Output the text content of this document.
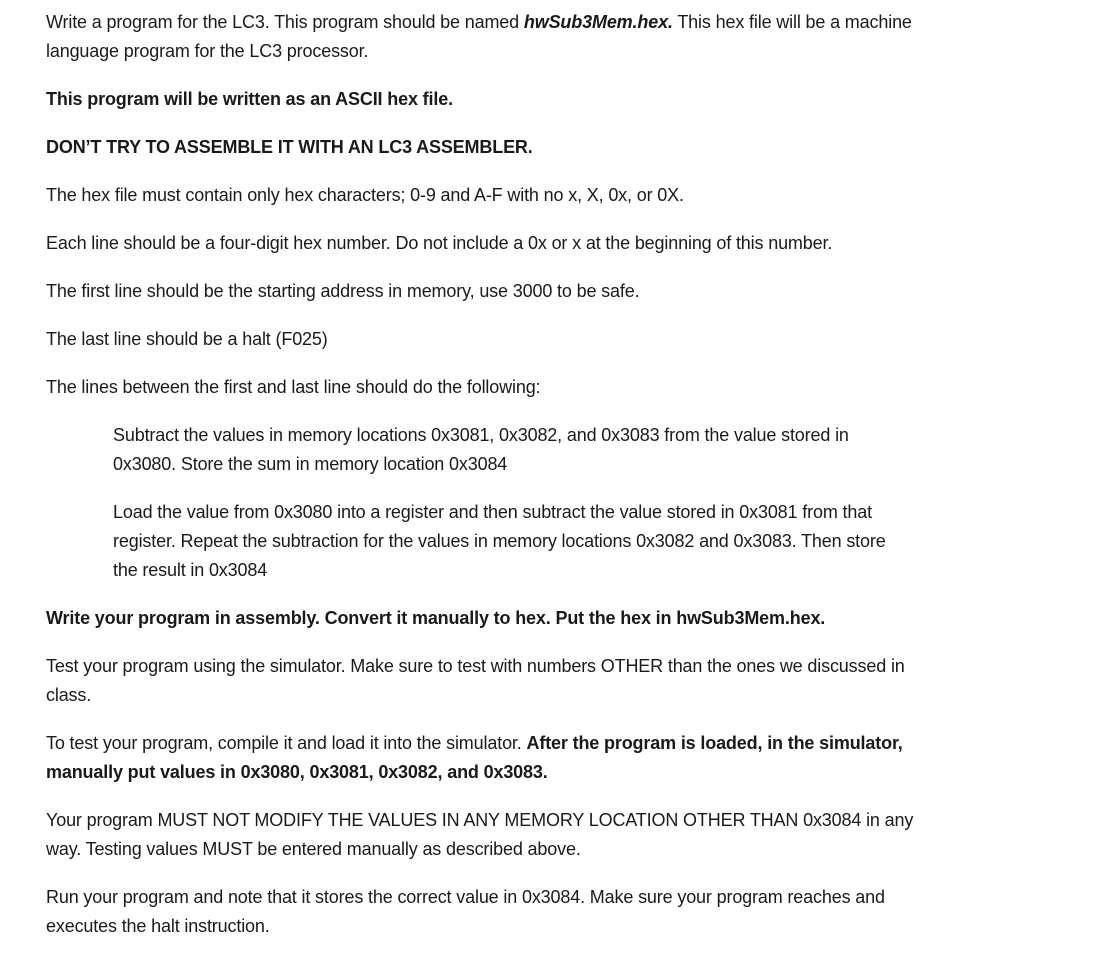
Write a program for the LC3. This program should be named hwSub3Mem.hex. This hex file will be a machine language program for the LC3 processor.

This program will be written as an ASCII hex file.

DON’T TRY TO ASSEMBLE IT WITH AN LC3 ASSEMBLER.

The hex file must contain only hex characters; 0-9 and A-F with no x, X, 0x, or 0X.

Each line should be a four-digit hex number. Do not include a 0x or x at the beginning of this number.

The first line should be the starting address in memory, use 3000 to be safe.

The last line should be a halt (F025)

The lines between the first and last line should do the following:

Subtract the values in memory locations 0x3081, 0x3082, and 0x3083 from the value stored in 0x3080. Store the sum in memory location 0x3084

Load the value from 0x3080 into a register and then subtract the value stored in 0x3081 from that register. Repeat the subtraction for the values in memory locations 0x3082 and 0x3083. Then store the result in 0x3084

Write your program in assembly. Convert it manually to hex. Put the hex in hwSub3Mem.hex.

Test your program using the simulator. Make sure to test with numbers OTHER than the ones we discussed in class.

To test your program, compile it and load it into the simulator. After the program is loaded, in the simulator, manually put values in 0x3080, 0x3081, 0x3082, and 0x3083.

Your program MUST NOT MODIFY THE VALUES IN ANY MEMORY LOCATION OTHER THAN 0x3084 in any way. Testing values MUST be entered manually as described above.

Run your program and note that it stores the correct value in 0x3084. Make sure your program reaches and executes the halt instruction.
